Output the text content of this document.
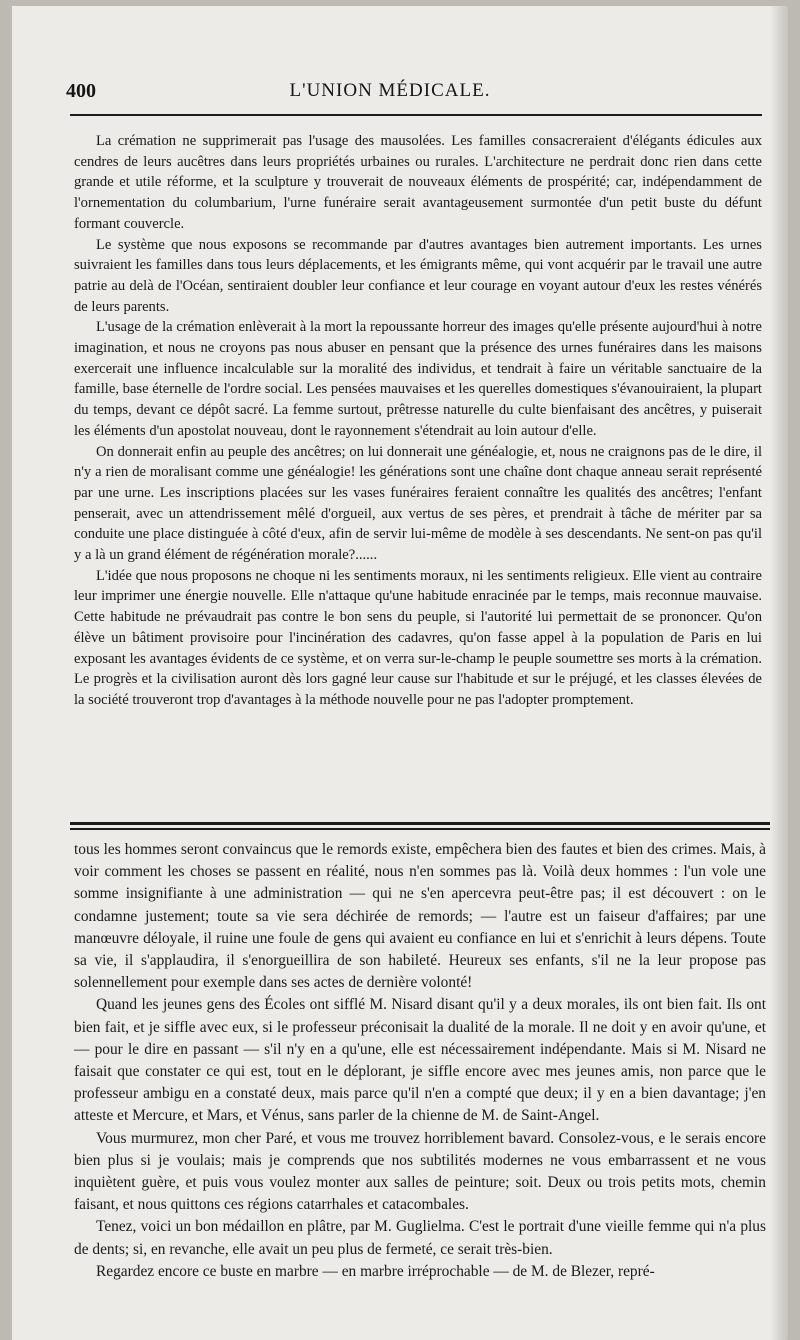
400	L'UNION MÉDICALE.

La crémation ne supprimerait pas l'usage des mausolées. Les familles consacreraient d'élégants édicules aux cendres de leurs aucêtres dans leurs propriétés urbaines ou rurales. L'architecture ne perdrait donc rien dans cette grande et utile réforme, et la sculpture y trouverait de nouveaux éléments de prospérité; car, indépendamment de l'ornementation du columbarium, l'urne funéraire serait avantageusement surmontée d'un petit buste du défunt formant couvercle.

Le système que nous exposons se recommande par d'autres avantages bien autrement importants. Les urnes suivraient les familles dans tous leurs déplacements, et les émigrants même, qui vont acquérir par le travail une autre patrie au delà de l'Océan, sentiraient doubler leur confiance et leur courage en voyant autour d'eux les restes vénérés de leurs parents.

L'usage de la crémation enlèverait à la mort la repoussante horreur des images qu'elle présente aujourd'hui à notre imagination, et nous ne croyons pas nous abuser en pensant que la présence des urnes funéraires dans les maisons exercerait une influence incalculable sur la moralité des individus, et tendrait à faire un véritable sanctuaire de la famille, base éternelle de l'ordre social. Les pensées mauvaises et les querelles domestiques s'évanouiraient, la plupart du temps, devant ce dépôt sacré. La femme surtout, prêtresse naturelle du culte bienfaisant des ancêtres, y puiserait les éléments d'un apostolat nouveau, dont le rayonnement s'étendrait au loin autour d'elle.

On donnerait enfin au peuple des ancêtres; on lui donnerait une généalogie, et, nous ne craignons pas de le dire, il n'y a rien de moralisant comme une généalogie! les générations sont une chaîne dont chaque anneau serait représenté par une urne. Les inscriptions placées sur les vases funéraires feraient connaître les qualités des ancêtres; l'enfant penserait, avec un attendrissement mêlé d'orgueil, aux vertus de ses pères, et prendrait à tâche de mériter par sa conduite une place distinguée à côté d'eux, afin de servir lui-même de modèle à ses descendants. Ne sent-on pas qu'il y a là un grand élément de régénération morale?......

L'idée que nous proposons ne choque ni les sentiments moraux, ni les sentiments religieux. Elle vient au contraire leur imprimer une énergie nouvelle. Elle n'attaque qu'une habitude enracinée par le temps, mais reconnue mauvaise. Cette habitude ne prévaudrait pas contre le bon sens du peuple, si l'autorité lui permettait de se prononcer. Qu'on élève un bâtiment provisoire pour l'incinération des cadavres, qu'on fasse appel à la population de Paris en lui exposant les avantages évidents de ce système, et on verra sur-le-champ le peuple soumettre ses morts à la crémation. Le progrès et la civilisation auront dès lors gagné leur cause sur l'habitude et sur le préjugé, et les classes élevées de la société trouveront trop d'avantages à la méthode nouvelle pour ne pas l'adopter promptement.

tous les hommes seront convaincus que le remords existe, empêchera bien des fautes et bien des crimes. Mais, à voir comment les choses se passent en réalité, nous n'en sommes pas là. Voilà deux hommes : l'un vole une somme insignifiante à une administration — qui ne s'en apercevra peut-être pas; il est découvert : on le condamne justement; toute sa vie sera déchirée de remords; — l'autre est un faiseur d'affaires; par une manœuvre déloyale, il ruine une foule de gens qui avaient eu confiance en lui et s'enrichit à leurs dépens. Toute sa vie, il s'applaudira, il s'enorgueillira de son habileté. Heureux ses enfants, s'il ne la leur propose pas solennellement pour exemple dans ses actes de dernière volonté!

Quand les jeunes gens des Écoles ont sifflé M. Nisard disant qu'il y a deux morales, ils ont bien fait. Ils ont bien fait, et je siffle avec eux, si le professeur préconisait la dualité de la morale. Il ne doit y en avoir qu'une, et — pour le dire en passant — s'il n'y en a qu'une, elle est nécessairement indépendante. Mais si M. Nisard ne faisait que constater ce qui est, tout en le déplorant, je siffle encore avec mes jeunes amis, non parce que le professeur ambigu en a constaté deux, mais parce qu'il n'en a compté que deux; il y en a bien davantage; j'en atteste et Mercure, et Mars, et Vénus, sans parler de la chienne de M. de Saint-Angel.

Vous murmurez, mon cher Paré, et vous me trouvez horriblement bavard. Consolez-vous, e le serais encore bien plus si je voulais; mais je comprends que nos subtilités modernes ne vous embarrassent et ne vous inquiètent guère, et puis vous voulez monter aux salles de peinture; soit. Deux ou trois petits mots, chemin faisant, et nous quittons ces régions catarrhales et catacombales.

Tenez, voici un bon médaillon en plâtre, par M. Guglielma. C'est le portrait d'une vieille femme qui n'a plus de dents; si, en revanche, elle avait un peu plus de fermeté, ce serait très-bien.

Regardez encore ce buste en marbre — en marbre irréprochable — de M. de Blezer, repré-
